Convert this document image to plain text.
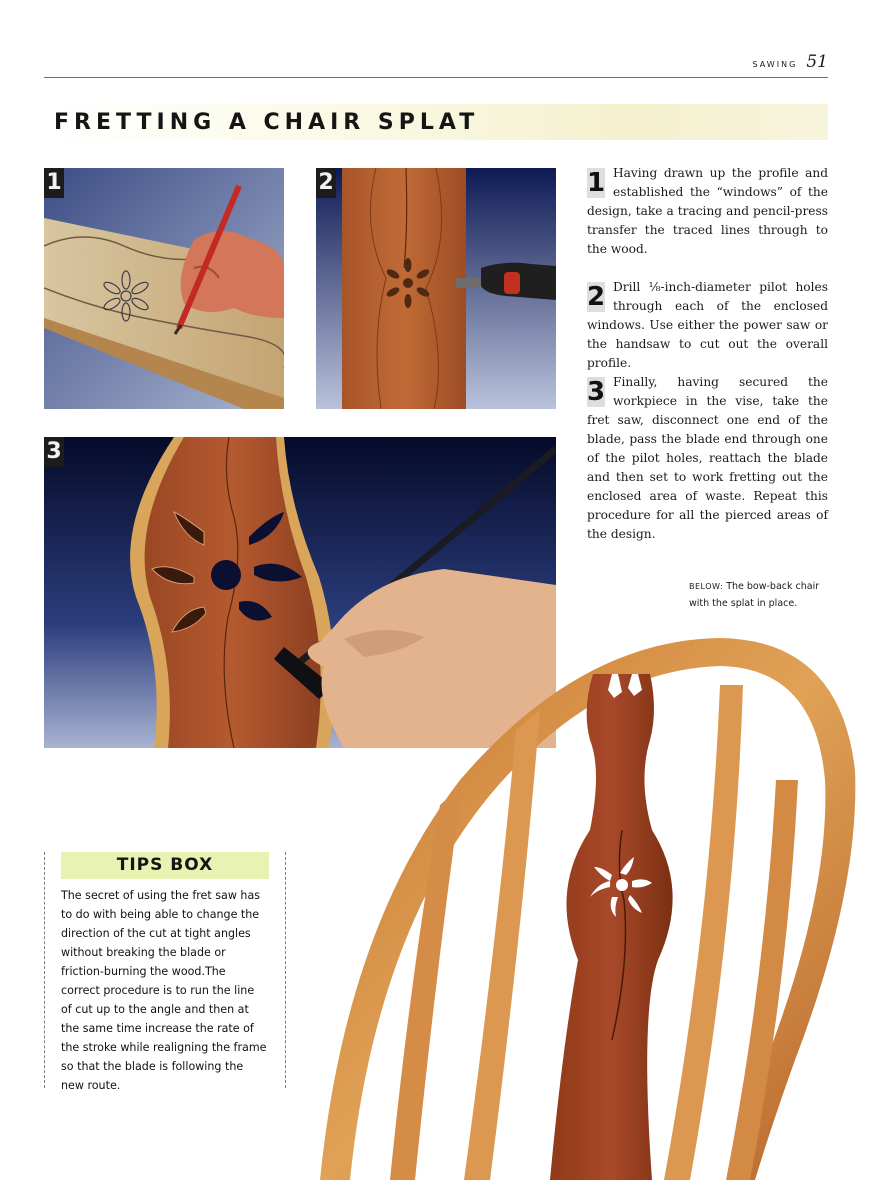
SAWING 51
FRETTING A CHAIR SPLAT
1	2
3
1 Having drawn up the profile and established the “windows” of the design, take a tracing and pencil-press transfer the traced lines through to the wood.
2 Drill ¹⁄₈-inch-diameter pilot holes through each of the enclosed windows. Use either the power saw or the handsaw to cut out the overall profile.
3 Finally, having secured the workpiece in the vise, take the fret saw, disconnect one end of the blade, pass the blade end through one of the pilot holes, reattach the blade and then set to work fretting out the enclosed area of waste. Repeat this procedure for all the pierced areas of the design.
BELOW: The bow-back chair with the splat in place.
TIPS BOX
The secret of using the fret saw has to do with being able to change the direction of the cut at tight angles without breaking the blade or friction-burning the wood.The correct procedure is to run the line of cut up to the angle and then at the same time increase the rate of the stroke while realigning the frame so that the blade is following the new route.
